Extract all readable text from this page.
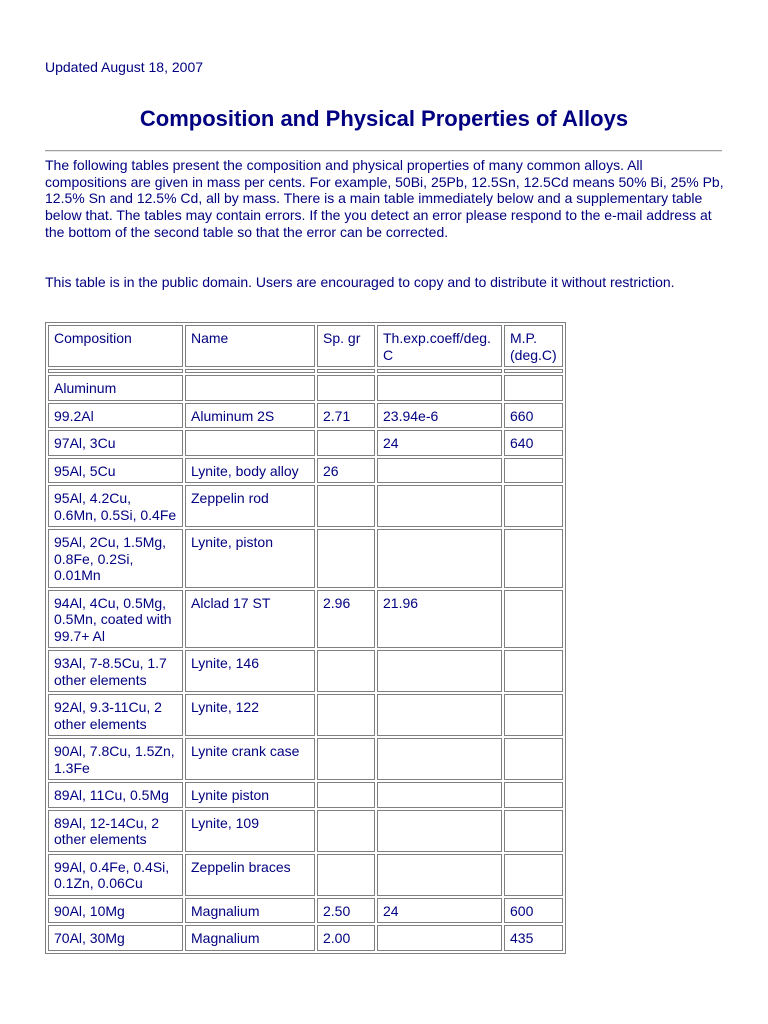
Updated August 18, 2007
Composition and Physical Properties of Alloys

The following tables present the composition and physical properties of many common alloys. All compositions are given in mass per cents. For example, 50Bi, 25Pb, 12.5Sn, 12.5Cd means 50% Bi, 25% Pb, 12.5% Sn and 12.5% Cd, all by mass. There is a main table immediately below and a supplementary table below that. The tables may contain errors. If the you detect an error please respond to the e-mail address at the bottom of the second table so that the error can be corrected.

This table is in the public domain. Users are encouraged to copy and to distribute it without restriction.

Composition	Name	Sp. gr	Th.exp.coeff/deg. C	M.P. (deg.C)

Aluminum				
99.2Al	Aluminum 2S	2.71	23.94e-6	660
97Al, 3Cu			24	640
95Al, 5Cu	Lynite, body alloy	26		
95Al, 4.2Cu, 0.6Mn, 0.5Si, 0.4Fe	Zeppelin rod			
95Al, 2Cu, 1.5Mg, 0.8Fe, 0.2Si, 0.01Mn	Lynite, piston			
94Al, 4Cu, 0.5Mg, 0.5Mn, coated with 99.7+ Al	Alclad 17 ST	2.96	21.96	
93Al, 7-8.5Cu, 1.7 other elements	Lynite, 146			
92Al, 9.3-11Cu, 2 other elements	Lynite, 122			
90Al, 7.8Cu, 1.5Zn, 1.3Fe	Lynite crank case			
89Al, 11Cu, 0.5Mg	Lynite piston			
89Al, 12-14Cu, 2 other elements	Lynite, 109			
99Al, 0.4Fe, 0.4Si, 0.1Zn, 0.06Cu	Zeppelin braces			
90Al, 10Mg	Magnalium	2.50	24	600
70Al, 30Mg	Magnalium	2.00		435
